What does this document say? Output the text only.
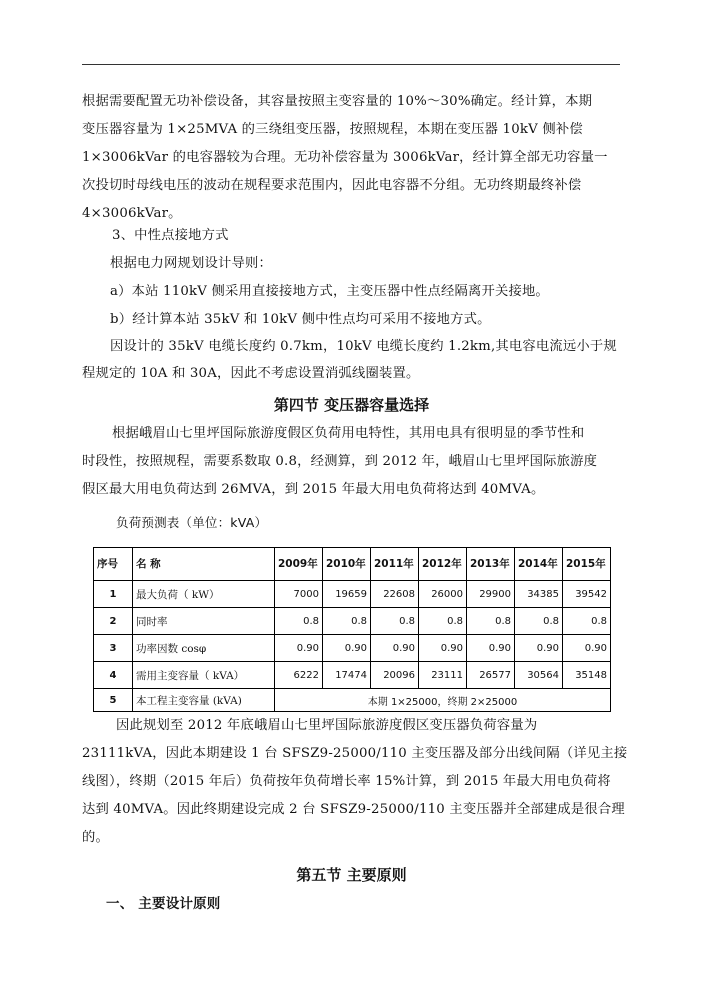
根据需要配置无功补偿设备，其容量按照主变容量的 10%～30%确定。经计算，本期
变压器容量为 1×25MVA 的三绕组变压器，按照规程，本期在变压器 10kV 侧补偿
1×3006kVar 的电容器较为合理。无功补偿容量为 3006kVar，经计算全部无功容量一
次投切时母线电压的波动在规程要求范围内，因此电容器不分组。无功终期最终补偿
4×3006kVar。
3、中性点接地方式
根据电力网规划设计导则：
a）本站 110kV 侧采用直接接地方式，主变压器中性点经隔离开关接地。
b）经计算本站 35kV 和 10kV 侧中性点均可采用不接地方式。
因设计的 35kV 电缆长度约 0.7km，10kV 电缆长度约 1.2km,其电容电流远小于规
程规定的 10A 和 30A，因此不考虑设置消弧线圈装置。
第四节 变压器容量选择
根据峨眉山七里坪国际旅游度假区负荷用电特性，其用电具有很明显的季节性和
时段性，按照规程，需要系数取 0.8，经测算，到 2012 年，峨眉山七里坪国际旅游度
假区最大用电负荷达到 26MVA，到 2015 年最大用电负荷将达到 40MVA。
负荷预测表（单位：kVA）
序号	名 称	2009年	2010年	2011年	2012年	2013年	2014年	2015年
1	最大负荷（ kW）	7000	19659	22608	26000	29900	34385	39542
2	同时率	0.8	0.8	0.8	0.8	0.8	0.8	0.8
3	功率因数 cosφ	0.90	0.90	0.90	0.90	0.90	0.90	0.90
4	需用主变容量（ kVA）	6222	17474	20096	23111	26577	30564	35148
5	本工程主变容量 (kVA)	本期 1×25000，终期 2×25000						
因此规划至 2012 年底峨眉山七里坪国际旅游度假区变压器负荷容量为
23111kVA，因此本期建设 1 台 SFSZ9-25000/110 主变压器及部分出线间隔（详见主接
线图），终期（2015 年后）负荷按年负荷增长率 15%计算，到 2015 年最大用电负荷将
达到 40MVA。因此终期建设完成 2 台 SFSZ9-25000/110 主变压器并全部建成是很合理
的。
第五节 主要原则
一、 主要设计原则
